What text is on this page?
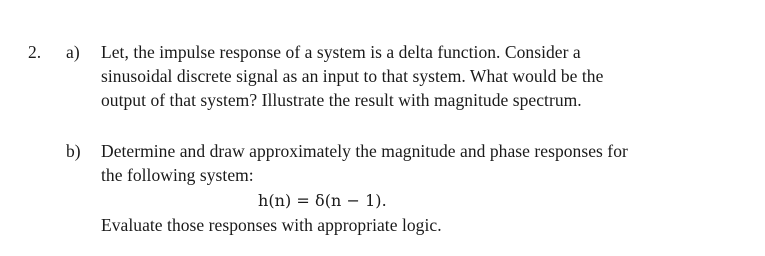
2. a) Let, the impulse response of a system is a delta function. Consider a
sinusoidal discrete signal as an input to that system. What would be the
output of that system? Illustrate the result with magnitude spectrum.
b) Determine and draw approximately the magnitude and phase responses for
the following system:
h(n) = δ(n − 1).
Evaluate those responses with appropriate logic.
